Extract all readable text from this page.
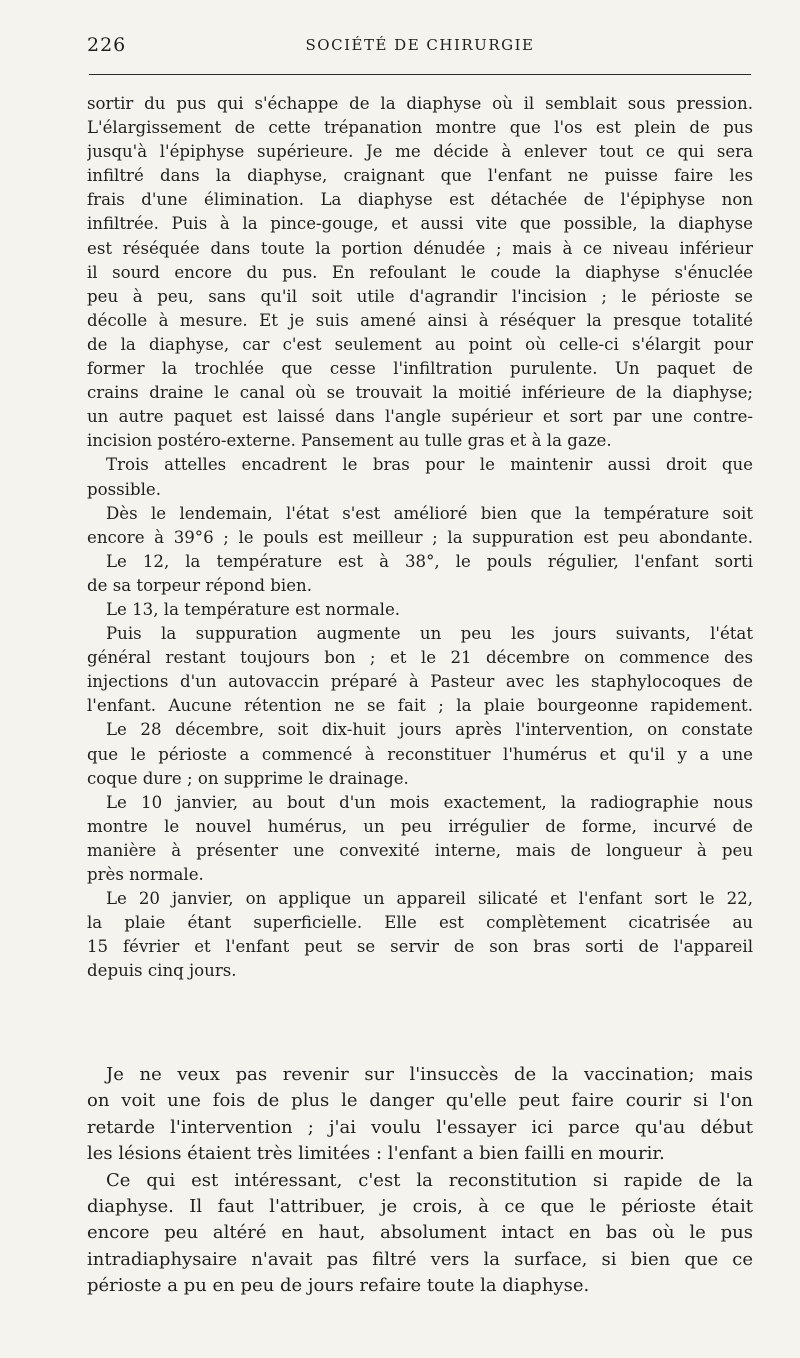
226	SOCIÉTÉ DE CHIRURGIE

sortir du pus qui s'échappe de la diaphyse où il semblait sous pression.

L'élargissement de cette trépanation montre que l'os est plein de pus

jusqu'à l'épiphyse supérieure. Je me décide à enlever tout ce qui sera

infiltré dans la diaphyse, craignant que l'enfant ne puisse faire les

frais d'une élimination. La diaphyse est détachée de l'épiphyse non

infiltrée. Puis à la pince-gouge, et aussi vite que possible, la diaphyse

est réséquée dans toute la portion dénudée ; mais à ce niveau inférieur

il sourd encore du pus. En refoulant le coude la diaphyse s'énuclée

peu à peu, sans qu'il soit utile d'agrandir l'incision ; le périoste se

décolle à mesure. Et je suis amené ainsi à réséquer la presque totalité

de la diaphyse, car c'est seulement au point où celle-ci s'élargit pour

former la trochlée que cesse l'infiltration purulente. Un paquet de

crains draine le canal où se trouvait la moitié inférieure de la diaphyse;

un autre paquet est laissé dans l'angle supérieur et sort par une contre-

incision postéro-externe. Pansement au tulle gras et à la gaze.

Trois attelles encadrent le bras pour le maintenir aussi droit que

possible.

Dès le lendemain, l'état s'est amélioré bien que la température soit

encore à 39°6 ; le pouls est meilleur ; la suppuration est peu abondante.

Le 12, la température est à 38°, le pouls régulier, l'enfant sorti

de sa torpeur répond bien.

Le 13, la température est normale.

Puis la suppuration augmente un peu les jours suivants, l'état

général restant toujours bon ; et le 21 décembre on commence des

injections d'un autovaccin préparé à Pasteur avec les staphylocoques de

l'enfant. Aucune rétention ne se fait ; la plaie bourgeonne rapidement.

Le 28 décembre, soit dix-huit jours après l'intervention, on constate

que le périoste a commencé à reconstituer l'humérus et qu'il y a une

coque dure ; on supprime le drainage.

Le 10 janvier, au bout d'un mois exactement, la radiographie nous

montre le nouvel humérus, un peu irrégulier de forme, incurvé de

manière à présenter une convexité interne, mais de longueur à peu

près normale.

Le 20 janvier, on applique un appareil silicaté et l'enfant sort le 22,

la plaie étant superficielle. Elle est complètement cicatrisée au

15 février et l'enfant peut se servir de son bras sorti de l'appareil

depuis cinq jours.

Je ne veux pas revenir sur l'insuccès de la vaccination; mais

on voit une fois de plus le danger qu'elle peut faire courir si l'on

retarde l'intervention ; j'ai voulu l'essayer ici parce qu'au début

les lésions étaient très limitées : l'enfant a bien failli en mourir.

Ce qui est intéressant, c'est la reconstitution si rapide de la

diaphyse. Il faut l'attribuer, je crois, à ce que le périoste était

encore peu altéré en haut, absolument intact en bas où le pus

intradiaphysaire n'avait pas filtré vers la surface, si bien que ce

périoste a pu en peu de jours refaire toute la diaphyse.
